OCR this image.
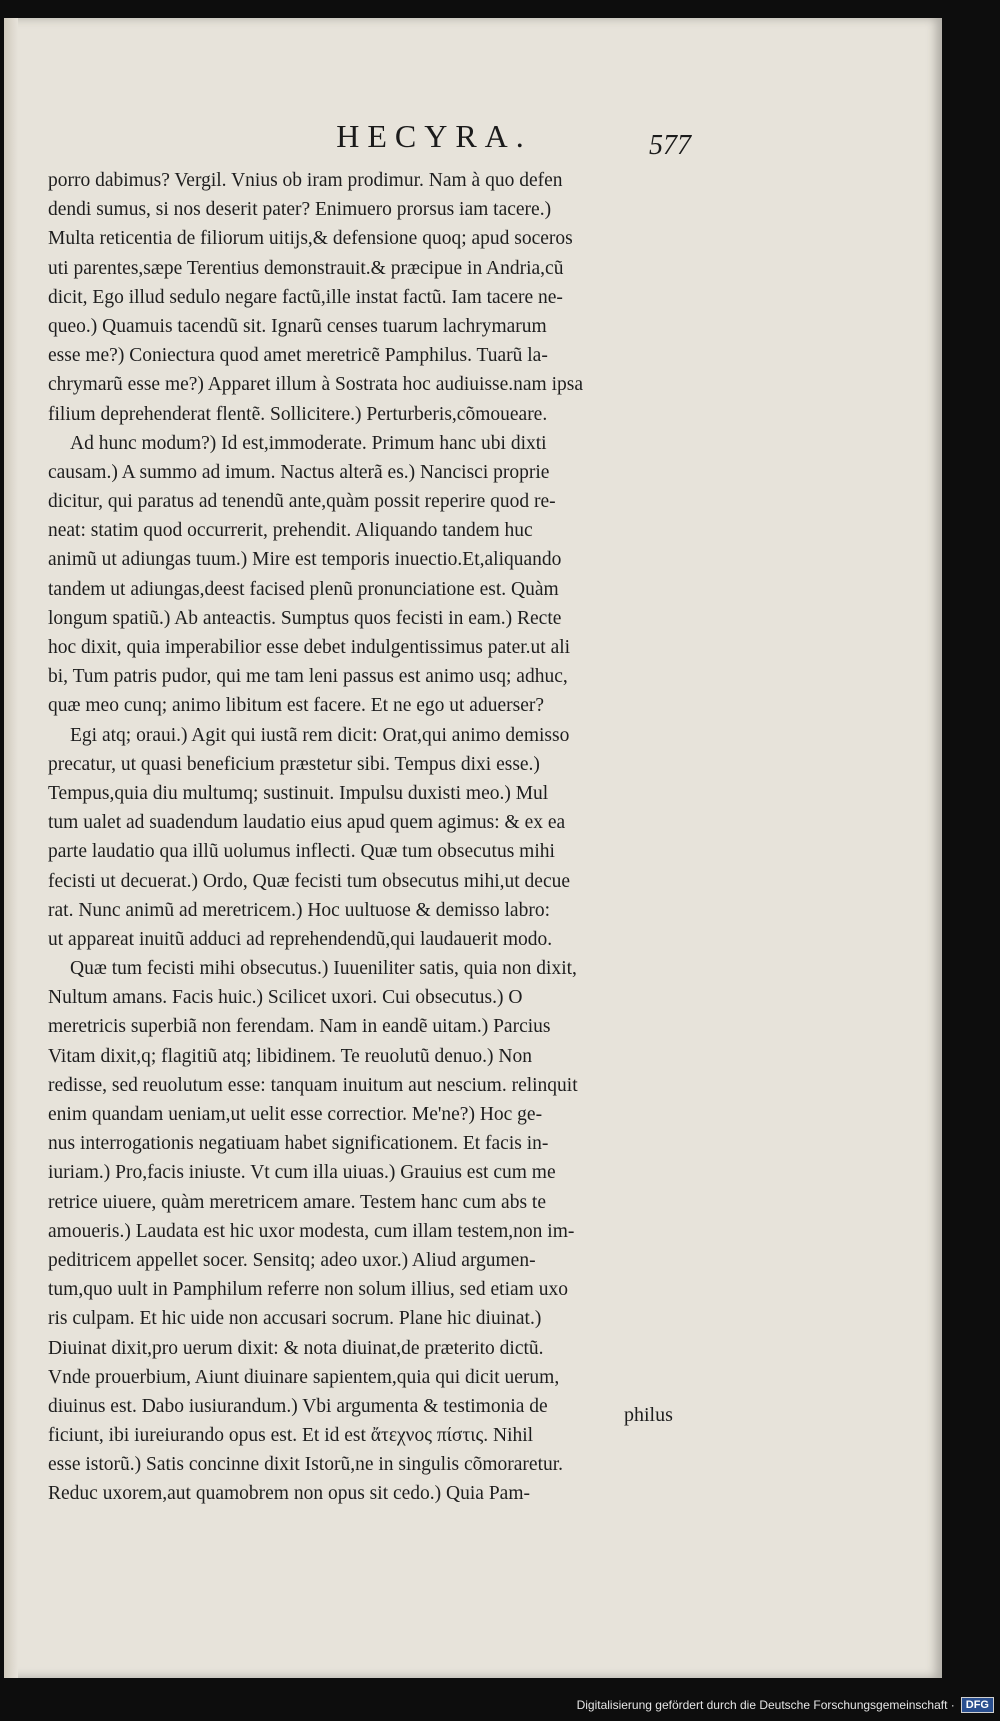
HECYRA.	577
porro dabimus? Vergil. Vnius ob iram prodimur. Nam à quo defen
dendi sumus, si nos deserit pater? Enimuero prorsus iam tacere.)
Multa reticentia de filiorum uitijs,& defensione quoq; apud soceros
uti parentes,sæpe Terentius demonstrauit.& præcipue in Andria,cũ
dicit, Ego illud sedulo negare factũ,ille instat factũ. Iam tacere ne-
queo.) Quamuis tacendũ sit. Ignarũ censes tuarum lachrymarum
esse me?) Coniectura quod amet meretricẽ Pamphilus. Tuarũ la-
chrymarũ esse me?) Apparet illum à Sostrata hoc audiuisse.nam ipsa
filium deprehenderat flentẽ. Sollicitere.) Perturberis,cõmoueare.
Ad hunc modum?) Id est,immoderate. Primum hanc ubi dixti
causam.) A summo ad imum. Nactus alterã es.) Nancisci proprie
dicitur, qui paratus ad tenendũ ante,quàm possit reperire quod re-
neat: statim quod occurrerit, prehendit. Aliquando tandem huc
animũ ut adiungas tuum.) Mire est temporis inuectio.Et,aliquando
tandem ut adiungas,deest facised plenũ pronunciatione est. Quàm
longum spatiũ.) Ab anteactis. Sumptus quos fecisti in eam.) Recte
hoc dixit, quia imperabilior esse debet indulgentissimus pater.ut ali
bi, Tum patris pudor, qui me tam leni passus est animo usq; adhuc,
quæ meo cunq; animo libitum est facere. Et ne ego ut aduerser?
Egi atq; oraui.) Agit qui iustã rem dicit: Orat,qui animo demisso
precatur, ut quasi beneficium præstetur sibi. Tempus dixi esse.)
Tempus,quia diu multumq; sustinuit. Impulsu duxisti meo.) Mul
tum ualet ad suadendum laudatio eius apud quem agimus: & ex ea
parte laudatio qua illũ uolumus inflecti. Quæ tum obsecutus mihi
fecisti ut decuerat.) Ordo, Quæ fecisti tum obsecutus mihi,ut decue
rat. Nunc animũ ad meretricem.) Hoc uultuose & demisso labro:
ut appareat inuitũ adduci ad reprehendendũ,qui laudauerit modo.
Quæ tum fecisti mihi obsecutus.) Iuueniliter satis, quia non dixit,
Nultum amans. Facis huic.) Scilicet uxori. Cui obsecutus.) O
meretricis superbiã non ferendam. Nam in eandẽ uitam.) Parcius
Vitam dixit,q; flagitiũ atq; libidinem. Te reuolutũ denuo.) Non
redisse, sed reuolutum esse: tanquam inuitum aut nescium. relinquit
enim quandam ueniam,ut uelit esse correctior. Me'ne?) Hoc ge-
nus interrogationis negatiuam habet significationem. Et facis in-
iuriam.) Pro,facis iniuste. Vt cum illa uiuas.) Grauius est cum me
retrice uiuere, quàm meretricem amare. Testem hanc cum abs te
amoueris.) Laudata est hic uxor modesta, cum illam testem,non im-
peditricem appellet socer. Sensitq; adeo uxor.) Aliud argumen-
tum,quo uult in Pamphilum referre non solum illius, sed etiam uxo
ris culpam. Et hic uide non accusari socrum. Plane hic diuinat.)
Diuinat dixit,pro uerum dixit: & nota diuinat,de præterito dictũ.
Vnde prouerbium, Aiunt diuinare sapientem,quia qui dicit uerum,
diuinus est. Dabo iusiurandum.) Vbi argumenta & testimonia de
ficiunt, ibi iureiurando opus est. Et id est ἄτεχνος πίστις. Nihil
esse istorũ.) Satis concinne dixit Istorũ,ne in singulis cõmoraretur.
Reduc uxorem,aut quamobrem non opus sit cedo.) Quia Pam-
philus
Digitalisierung gefördert durch die Deutsche Forschungsgemeinschaft ·	DFG
